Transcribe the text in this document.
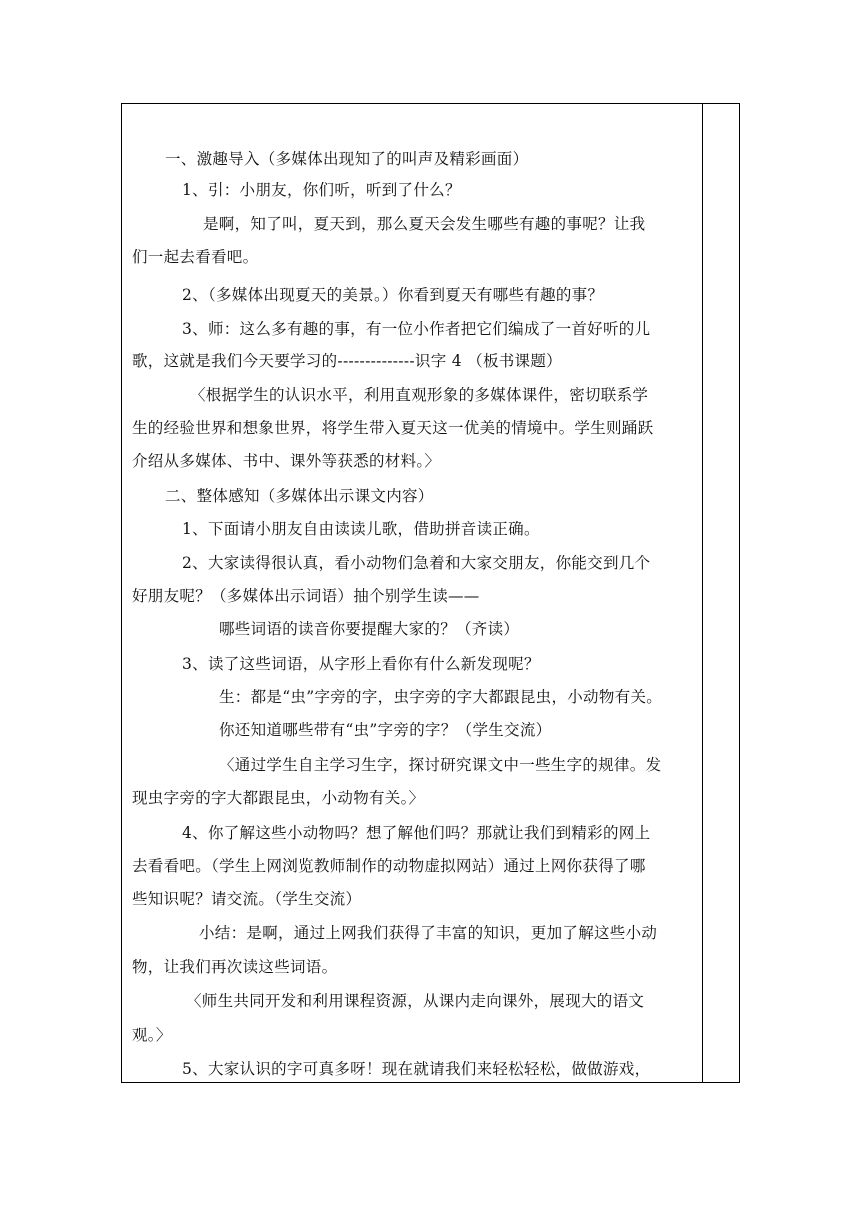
一、激趣导入（多媒体出现知了的叫声及精彩画面）
1、引：小朋友，你们听，听到了什么？
是啊，知了叫，夏天到，那么夏天会发生哪些有趣的事呢？让我
们一起去看看吧。
2、（多媒体出现夏天的美景。）你看到夏天有哪些有趣的事？
3、师：这么多有趣的事，有一位小作者把它们编成了一首好听的儿
歌，这就是我们今天要学习的--------------识字 4 （板书课题）
〈根据学生的认识水平，利用直观形象的多媒体课件，密切联系学
生的经验世界和想象世界，将学生带入夏天这一优美的情境中。学生则踊跃
介绍从多媒体、书中、课外等获悉的材料。〉
二、整体感知（多媒体出示课文内容）
1、下面请小朋友自由读读儿歌，借助拼音读正确。
2、大家读得很认真，看小动物们急着和大家交朋友，你能交到几个
好朋友呢？（多媒体出示词语）抽个别学生读——
哪些词语的读音你要提醒大家的？（齐读）
3、读了这些词语，从字形上看你有什么新发现呢？
生：都是“虫”字旁的字，虫字旁的字大都跟昆虫，小动物有关。
你还知道哪些带有“虫”字旁的字？（学生交流）
〈通过学生自主学习生字，探讨研究课文中一些生字的规律。发
现虫字旁的字大都跟昆虫，小动物有关。〉
4、你了解这些小动物吗？想了解他们吗？那就让我们到精彩的网上
去看看吧。（学生上网浏览教师制作的动物虚拟网站）通过上网你获得了哪
些知识呢？请交流。（学生交流）
小结：是啊，通过上网我们获得了丰富的知识，更加了解这些小动
物，让我们再次读这些词语。
〈师生共同开发和利用课程资源，从课内走向课外，展现大的语文
观。〉
5、大家认识的字可真多呀！现在就请我们来轻松轻松，做做游戏，
